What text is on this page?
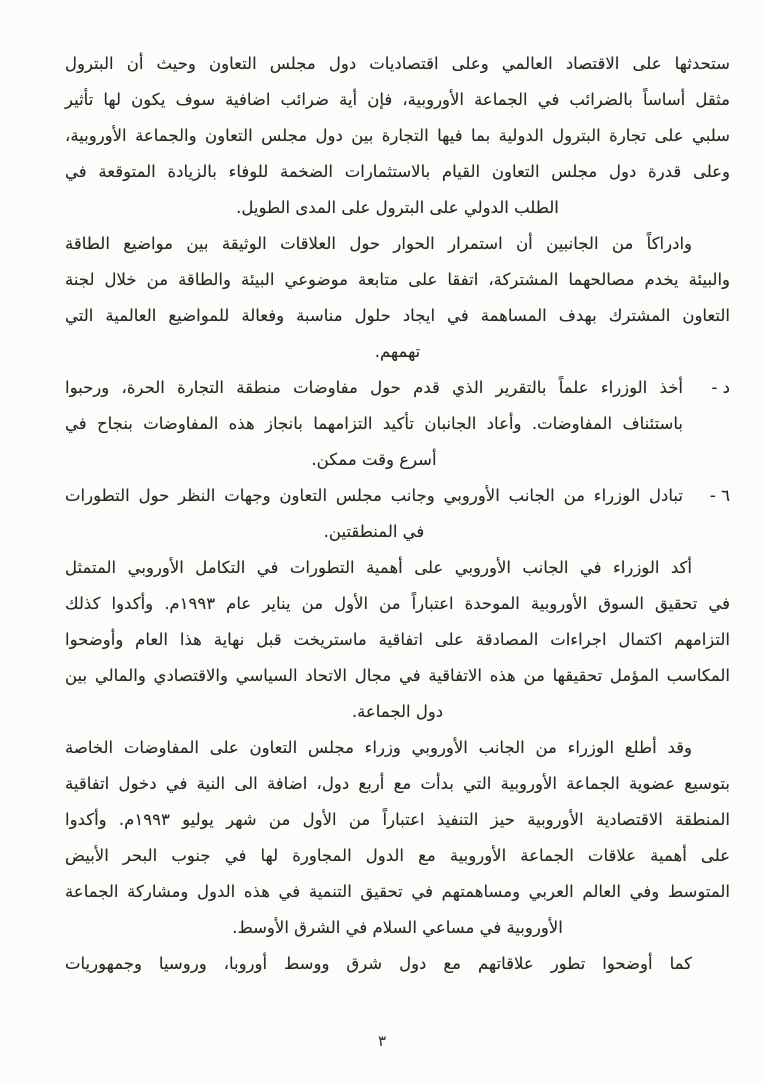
ستحدثها على الاقتصاد العالمي وعلى اقتصاديات دول مجلس التعاون وحيث أن البترول
مثقل أساساً بالضرائب في الجماعة الأوروبية، فإن أية ضرائب اضافية سوف يكون لها تأثير
سلبي على تجارة البترول الدولية بما فيها التجارة بين دول مجلس التعاون والجماعة الأوروبية،
وعلى قدرة دول مجلس التعاون القيام بالاستثمارات الضخمة للوفاء بالزيادة المتوقعة في
الطلب الدولي على البترول على المدى الطويل.
وادراكاً من الجانبين أن استمرار الحوار حول العلاقات الوثيقة بين مواضيع الطاقة
والبيئة يخدم مصالحهما المشتركة، اتفقا على متابعة موضوعي البيئة والطاقة من خلال لجنة
التعاون المشترك بهدف المساهمة في ايجاد حلول مناسبة وفعالة للمواضيع العالمية التي
تهمهم.
د -
أخذ الوزراء علماً بالتقرير الذي قدم حول مفاوضات منطقة التجارة الحرة، ورحبوا
باستئناف المفاوضات. وأعاد الجانبان تأكيد التزامهما بانجاز هذه المفاوضات بنجاح في
أسرع وقت ممكن.
٦ -
تبادل الوزراء من الجانب الأوروبي وجانب مجلس التعاون وجهات النظر حول التطورات
في المنطقتين.
أكد الوزراء في الجانب الأوروبي على أهمية التطورات في التكامل الأوروبي المتمثل
في تحقيق السوق الأوروبية الموحدة اعتباراً من الأول من يناير عام ١٩٩٣م. وأكدوا كذلك
التزامهم اكتمال اجراءات المصادقة على اتفاقية ماستريخت قبل نهاية هذا العام وأوضحوا
المكاسب المؤمل تحقيقها من هذه الاتفاقية في مجال الاتحاد السياسي والاقتصادي والمالي بين
دول الجماعة.
وقد أطلع الوزراء من الجانب الأوروبي وزراء مجلس التعاون على المفاوضات الخاصة
بتوسيع عضوية الجماعة الأوروبية التي بدأت مع أربع دول، اضافة الى النية في دخول اتفاقية
المنطقة الاقتصادية الأوروبية حيز التنفيذ اعتباراً من الأول من شهر يوليو ١٩٩٣م. وأكدوا
على أهمية علاقات الجماعة الأوروبية مع الدول المجاورة لها في جنوب البحر الأبيض
المتوسط وفي العالم العربي ومساهمتهم في تحقيق التنمية في هذه الدول ومشاركة الجماعة
الأوروبية في مساعي السلام في الشرق الأوسط.
كما أوضحوا تطور علاقاتهم مع دول شرق ووسط أوروبا، وروسيا وجمهوريات
٣
